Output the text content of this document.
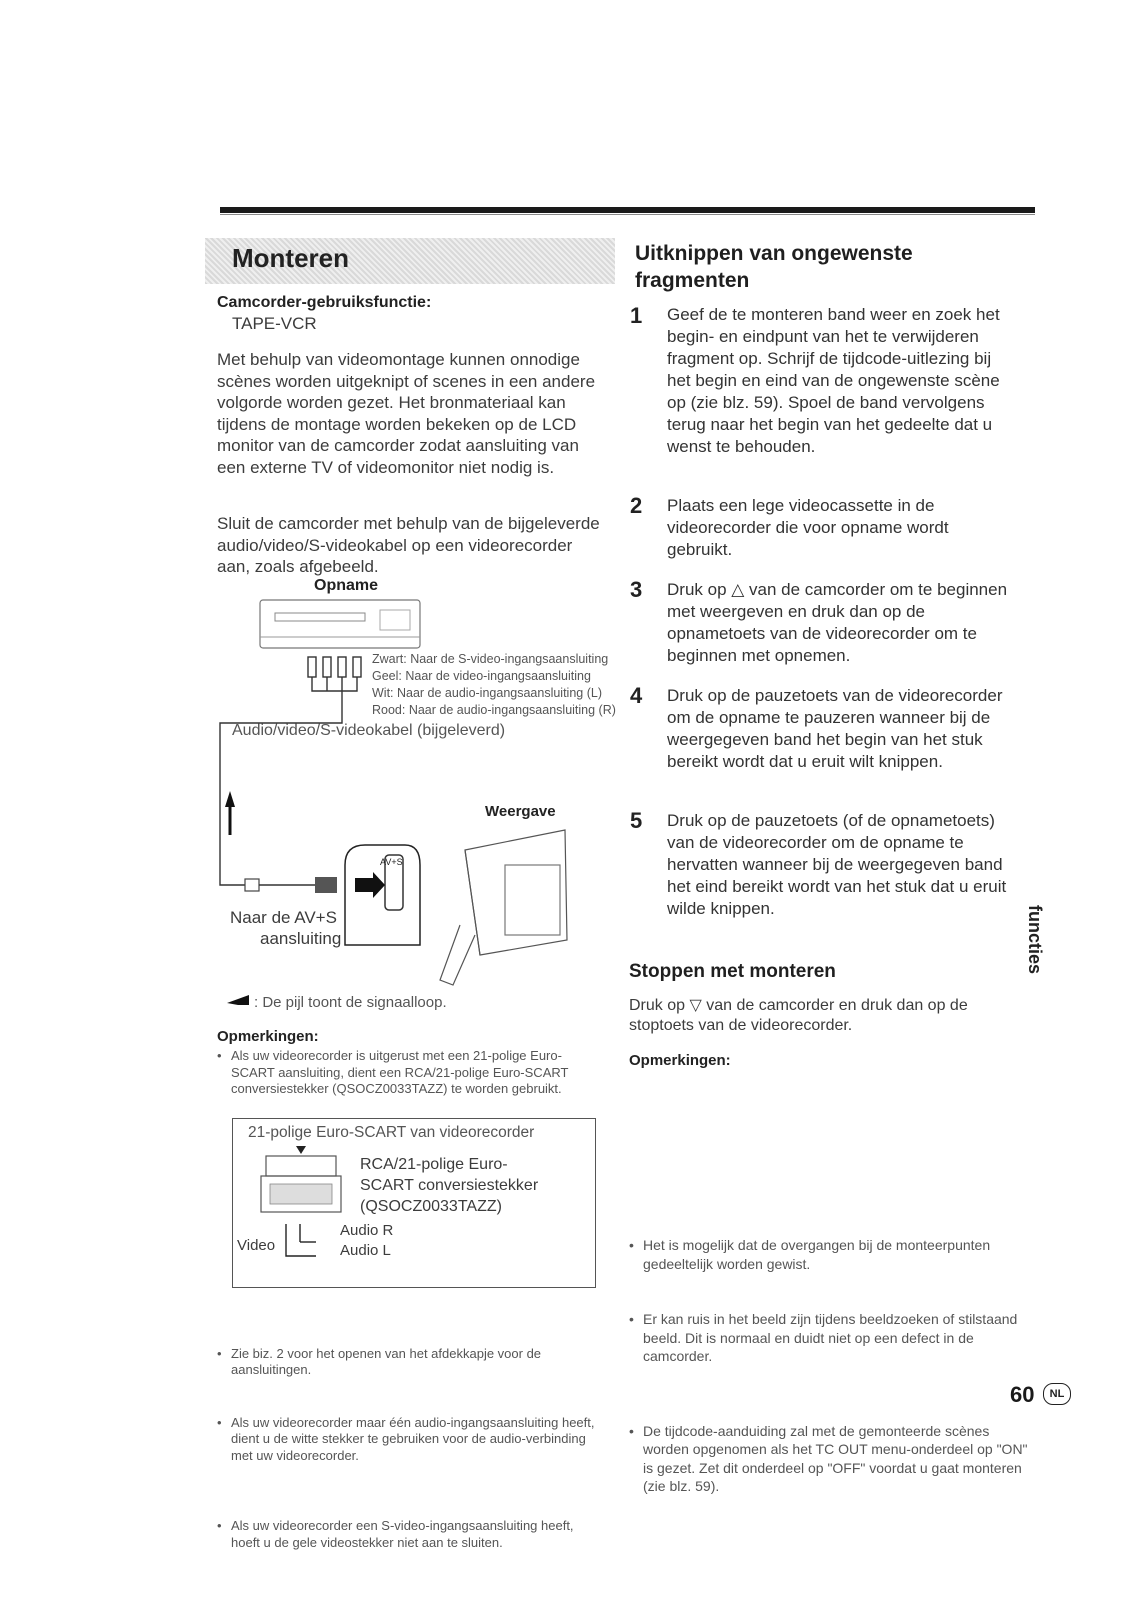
Monteren
Camcorder-gebruiksfunctie:
TAPE-VCR
Met behulp van videomontage kunnen onnodige scènes worden uitgeknipt of scenes in een andere volgorde worden gezet. Het bronmateriaal kan tijdens de montage worden bekeken op de LCD monitor van de camcorder zodat aansluiting van een externe TV of videomonitor niet nodig is.
Sluit de camcorder met behulp van de bijgeleverde audio/video/S-videokabel op een videorecorder aan, zoals afgebeeld.
Opname
Zwart: Naar de S-video-ingangsaansluiting
Geel: Naar de video-ingangsaansluiting
Wit: Naar de audio-ingangsaansluiting (L)
Rood: Naar de audio-ingangsaansluiting (R)
Audio/video/S-videokabel (bijgeleverd)
Weergave
AV+S
Naar de AV+S
aansluiting
: De pijl toont de signaalloop.
Opmerkingen:
• Als uw videorecorder is uitgerust met een 21-polige Euro-SCART aansluiting, dient een RCA/21-polige Euro-SCART conversiestekker (QSOCZ0033TAZZ) te worden gebruikt.
21-polige Euro-SCART van videorecorder
RCA/21-polige Euro-
SCART conversiestekker
(QSOCZ0033TAZZ)
Video
Audio R
Audio L
• Zie biz. 2 voor het openen van het afdekkapje voor de aansluitingen.
• Als uw videorecorder maar één audio-ingangsaansluiting heeft, dient u de witte stekker te gebruiken voor de audio-verbinding met uw videorecorder.
• Als uw videorecorder een S-video-ingangsaansluiting heeft, hoeft u de gele videostekker niet aan te sluiten.
Uitknippen van ongewenste fragmenten
1 Geef de te monteren band weer en zoek het begin- en eindpunt van het te verwijderen fragment op. Schrijf de tijdcode-uitlezing bij het begin en eind van de ongewenste scène op (zie blz. 59). Spoel de band vervolgens terug naar het begin van het gedeelte dat u wenst te behouden.
2 Plaats een lege videocassette in de videorecorder die voor opname wordt gebruikt.
3 Druk op △ van de camcorder om te beginnen met weergeven en druk dan op de opnametoets van de videorecorder om te beginnen met opnemen.
4 Druk op de pauzetoets van de videorecorder om de opname te pauzeren wanneer bij de weergegeven band het begin van het stuk bereikt wordt dat u eruit wilt knippen.
5 Druk op de pauzetoets (of de opnametoets) van de videorecorder om de opname te hervatten wanneer bij de weergegeven band het eind bereikt wordt van het stuk dat u eruit wilde knippen.
Stoppen met monteren
Druk op ▽ van de camcorder en druk dan op de stoptoets van de videorecorder.
Opmerkingen:
• Het is mogelijk dat de overgangen bij de monteerpunten gedeeltelijk worden gewist.
• Er kan ruis in het beeld zijn tijdens beeldzoeken of stilstaand beeld. Dit is normaal en duidt niet op een defect in de camcorder.
• De tijdcode-aanduiding zal met de gemonteerde scènes worden opgenomen als het TC OUT menu-onderdeel op "ON" is gezet. Zet dit onderdeel op "OFF" voordat u gaat monteren (zie blz. 59).
functies
60	NL
